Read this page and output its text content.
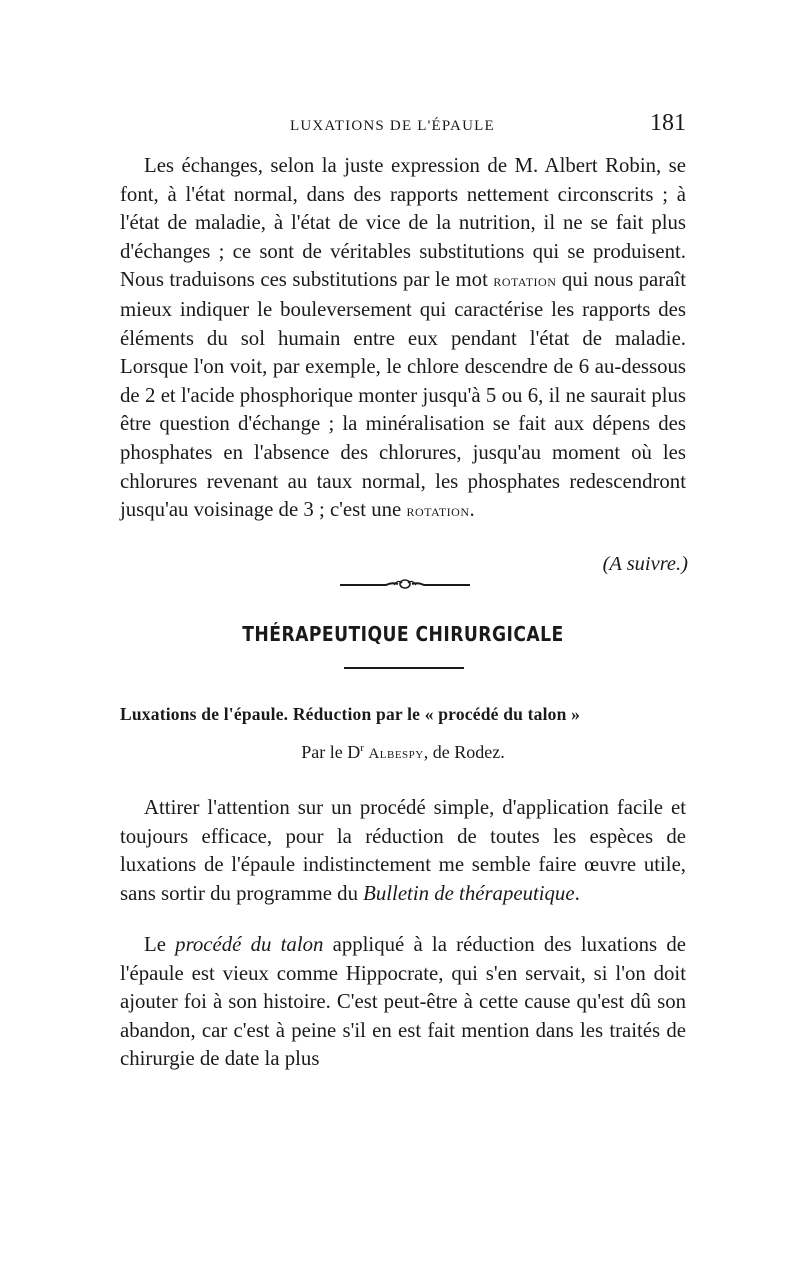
LUXATIONS DE L'ÉPAULE	181

Les échanges, selon la juste expression de M. Albert Robin, se font, à l'état normal, dans des rapports nettement circonscrits ; à l'état de maladie, à l'état de vice de la nutrition, il ne se fait plus d'échanges ; ce sont de véritables substitutions qui se produisent. Nous traduisons ces substitutions par le mot rotation qui nous paraît mieux indiquer le bouleversement qui caractérise les rapports des éléments du sol humain entre eux pendant l'état de maladie. Lorsque l'on voit, par exemple, le chlore descendre de 6 au-dessous de 2 et l'acide phosphorique monter jusqu'à 5 ou 6, il ne saurait plus être question d'échange ; la minéralisation se fait aux dépens des phosphates en l'absence des chlorures, jusqu'au moment où les chlorures revenant au taux normal, les phosphates redescendront jusqu'au voisinage de 3 ; c'est une rotation.

(A suivre.)
THÉRAPEUTIQUE CHIRURGICALE
Luxations de l'épaule. Réduction par le « procédé du talon »
Par le $D^r$ Albespy, de Rodez.

Attirer l'attention sur un procédé simple, d'application facile et toujours efficace, pour la réduction de toutes les espèces de luxations de l'épaule indistinctement me semble faire œuvre utile, sans sortir du programme du Bulletin de thérapeutique.

Le procédé du talon appliqué à la réduction des luxations de l'épaule est vieux comme Hippocrate, qui s'en servait, si l'on doit ajouter foi à son histoire. C'est peut-être à cette cause qu'est dû son abandon, car c'est à peine s'il en est fait mention dans les traités de chirurgie de date la plus
